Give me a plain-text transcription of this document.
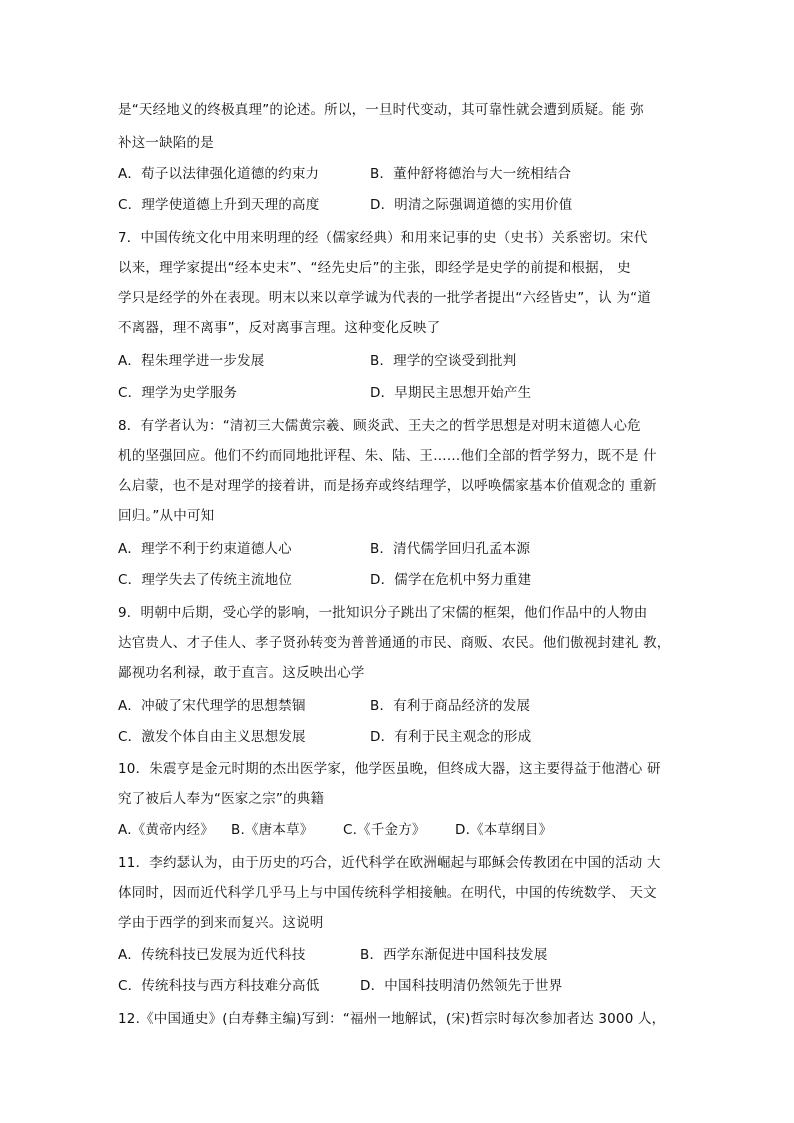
是“天经地义的终极真理”的论述。所以，一旦时代变动，其可靠性就会遭到质疑。能 弥
补这一缺陷的是
A．荀子以法律强化道德的约束力	B．董仲舒将德治与大一统相结合
C．理学使道德上升到天理的高度	D．明清之际强调道德的实用价值
7．中国传统文化中用来明理的经（儒家经典）和用来记事的史（史书）关系密切。宋代
以来，理学家提出“经本史末”、“经先史后”的主张，即经学是史学的前提和根据， 史
学只是经学的外在表现。明末以来以章学诚为代表的一批学者提出“六经皆史”，认 为“道
不离器，理不离事”，反对离事言理。这种变化反映了
A．程朱理学进一步发展	B．理学的空谈受到批判
C．理学为史学服务	D．早期民主思想开始产生
8．有学者认为：“清初三大儒黄宗羲、顾炎武、王夫之的哲学思想是对明末道德人心危
机的坚强回应。他们不约而同地批评程、朱、陆、王……他们全部的哲学努力，既不是 什
么启蒙，也不是对理学的接着讲，而是扬弃或终结理学，以呼唤儒家基本价值观念的 重新
回归。”从中可知
A．理学不利于约束道德人心	B．清代儒学回归孔孟本源
C．理学失去了传统主流地位	D．儒学在危机中努力重建
9．明朝中后期，受心学的影响，一批知识分子跳出了宋儒的框架，他们作品中的人物由
达官贵人、才子佳人、孝子贤孙转变为普普通通的市民、商贩、农民。他们傲视封建礼 教，
鄙视功名利禄，敢于直言。这反映出心学
A．冲破了宋代理学的思想禁锢	B．有利于商品经济的发展
C．激发个体自由主义思想发展	D．有利于民主观念的形成
10．朱震亨是金元时期的杰出医学家，他学医虽晚，但终成大器，这主要得益于他潜心 研
究了被后人奉为“医家之宗”的典籍
A.《黄帝内经》 B.《唐本草》 C.《千金方》 D.《本草纲目》
11．李约瑟认为，由于历史的巧合，近代科学在欧洲崛起与耶稣会传教团在中国的活动 大
体同时，因而近代科学几乎马上与中国传统科学相接触。在明代，中国的传统数学、 天文
学由于西学的到来而复兴。这说明
A．传统科技已发展为近代科技	B．西学东渐促进中国科技发展
C．传统科技与西方科技难分高低	D．中国科技明清仍然领先于世界
12.《中国通史》(白寿彝主编)写到：“福州一地解试，(宋)哲宗时每次参加者达 3000 人，
